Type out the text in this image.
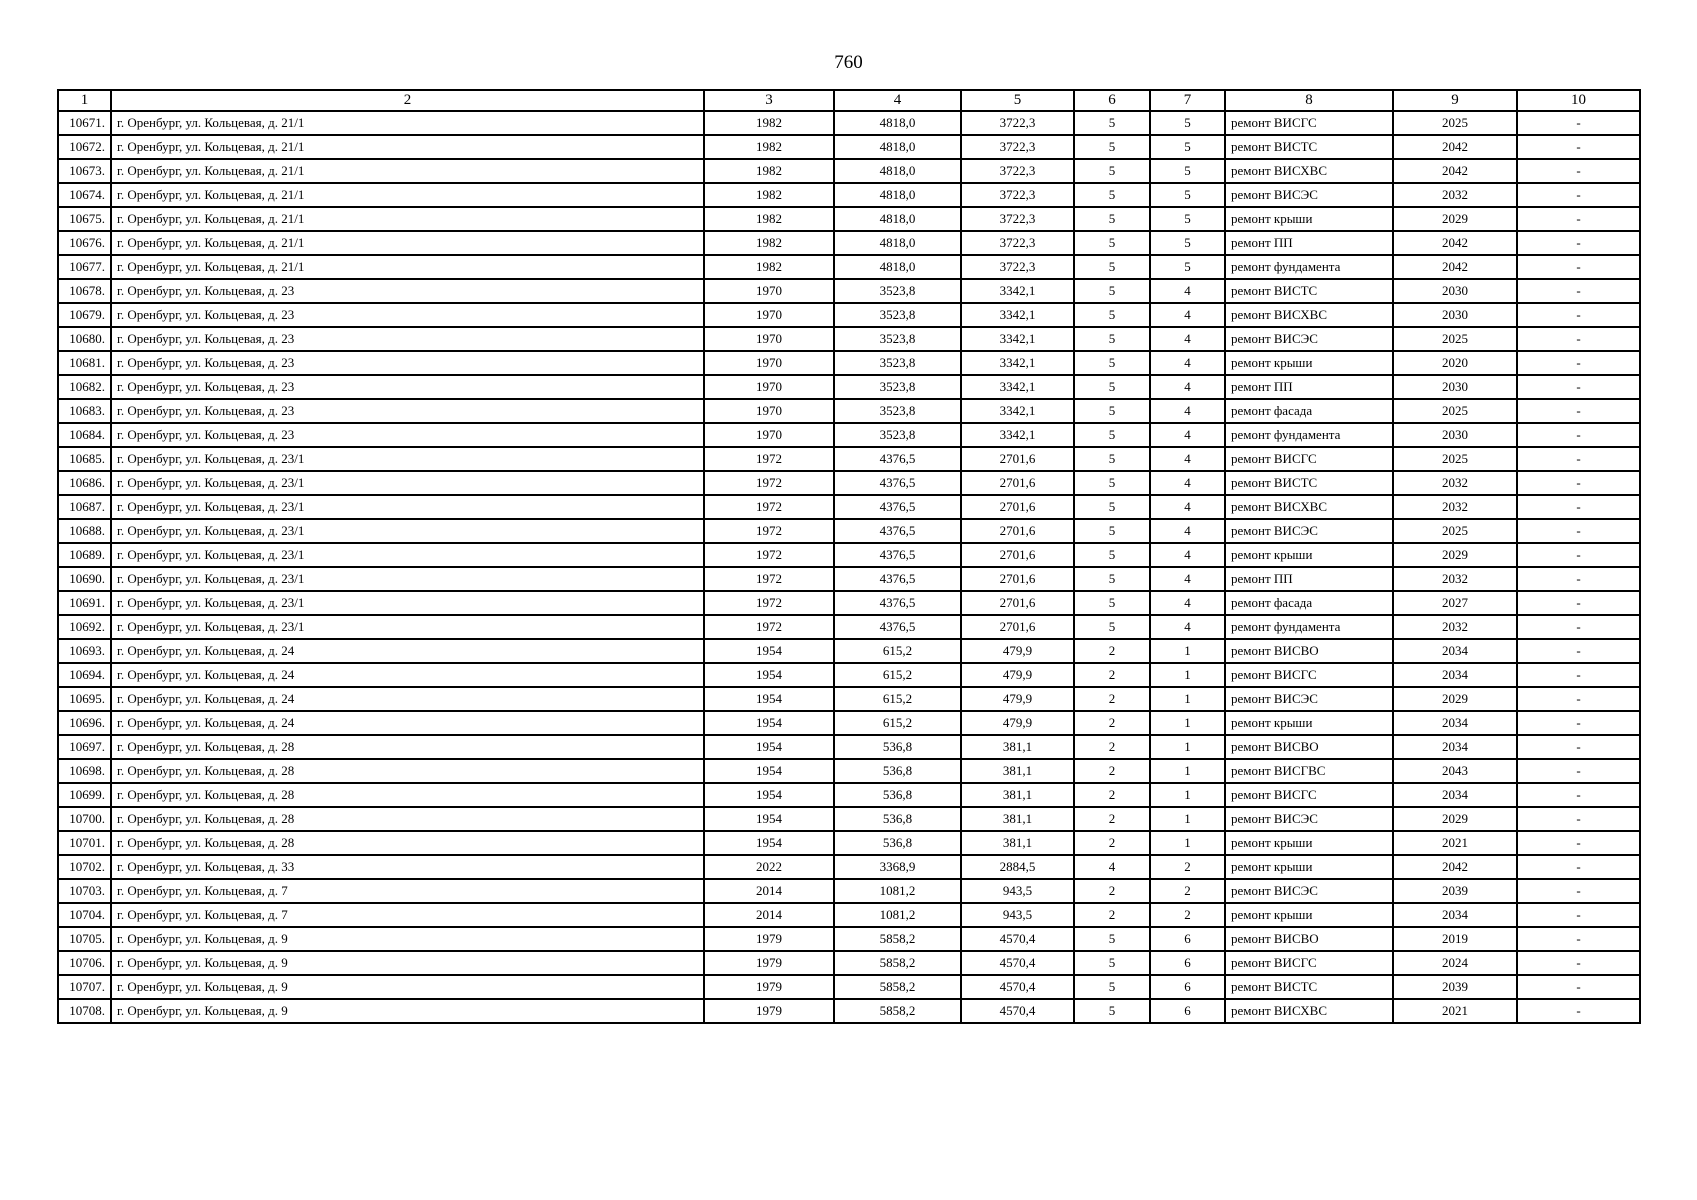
760
1	2	3	4	5	6	7	8	9	10
10671.	г. Оренбург, ул. Кольцевая, д. 21/1	1982	4818,0	3722,3	5	5	ремонт ВИСГС	2025	-
10672.	г. Оренбург, ул. Кольцевая, д. 21/1	1982	4818,0	3722,3	5	5	ремонт ВИСТС	2042	-
10673.	г. Оренбург, ул. Кольцевая, д. 21/1	1982	4818,0	3722,3	5	5	ремонт ВИСХВС	2042	-
10674.	г. Оренбург, ул. Кольцевая, д. 21/1	1982	4818,0	3722,3	5	5	ремонт ВИСЭС	2032	-
10675.	г. Оренбург, ул. Кольцевая, д. 21/1	1982	4818,0	3722,3	5	5	ремонт крыши	2029	-
10676.	г. Оренбург, ул. Кольцевая, д. 21/1	1982	4818,0	3722,3	5	5	ремонт ПП	2042	-
10677.	г. Оренбург, ул. Кольцевая, д. 21/1	1982	4818,0	3722,3	5	5	ремонт фундамента	2042	-
10678.	г. Оренбург, ул. Кольцевая, д. 23	1970	3523,8	3342,1	5	4	ремонт ВИСТС	2030	-
10679.	г. Оренбург, ул. Кольцевая, д. 23	1970	3523,8	3342,1	5	4	ремонт ВИСХВС	2030	-
10680.	г. Оренбург, ул. Кольцевая, д. 23	1970	3523,8	3342,1	5	4	ремонт ВИСЭС	2025	-
10681.	г. Оренбург, ул. Кольцевая, д. 23	1970	3523,8	3342,1	5	4	ремонт крыши	2020	-
10682.	г. Оренбург, ул. Кольцевая, д. 23	1970	3523,8	3342,1	5	4	ремонт ПП	2030	-
10683.	г. Оренбург, ул. Кольцевая, д. 23	1970	3523,8	3342,1	5	4	ремонт фасада	2025	-
10684.	г. Оренбург, ул. Кольцевая, д. 23	1970	3523,8	3342,1	5	4	ремонт фундамента	2030	-
10685.	г. Оренбург, ул. Кольцевая, д. 23/1	1972	4376,5	2701,6	5	4	ремонт ВИСГС	2025	-
10686.	г. Оренбург, ул. Кольцевая, д. 23/1	1972	4376,5	2701,6	5	4	ремонт ВИСТС	2032	-
10687.	г. Оренбург, ул. Кольцевая, д. 23/1	1972	4376,5	2701,6	5	4	ремонт ВИСХВС	2032	-
10688.	г. Оренбург, ул. Кольцевая, д. 23/1	1972	4376,5	2701,6	5	4	ремонт ВИСЭС	2025	-
10689.	г. Оренбург, ул. Кольцевая, д. 23/1	1972	4376,5	2701,6	5	4	ремонт крыши	2029	-
10690.	г. Оренбург, ул. Кольцевая, д. 23/1	1972	4376,5	2701,6	5	4	ремонт ПП	2032	-
10691.	г. Оренбург, ул. Кольцевая, д. 23/1	1972	4376,5	2701,6	5	4	ремонт фасада	2027	-
10692.	г. Оренбург, ул. Кольцевая, д. 23/1	1972	4376,5	2701,6	5	4	ремонт фундамента	2032	-
10693.	г. Оренбург, ул. Кольцевая, д. 24	1954	615,2	479,9	2	1	ремонт ВИСВО	2034	-
10694.	г. Оренбург, ул. Кольцевая, д. 24	1954	615,2	479,9	2	1	ремонт ВИСГС	2034	-
10695.	г. Оренбург, ул. Кольцевая, д. 24	1954	615,2	479,9	2	1	ремонт ВИСЭС	2029	-
10696.	г. Оренбург, ул. Кольцевая, д. 24	1954	615,2	479,9	2	1	ремонт крыши	2034	-
10697.	г. Оренбург, ул. Кольцевая, д. 28	1954	536,8	381,1	2	1	ремонт ВИСВО	2034	-
10698.	г. Оренбург, ул. Кольцевая, д. 28	1954	536,8	381,1	2	1	ремонт ВИСГВС	2043	-
10699.	г. Оренбург, ул. Кольцевая, д. 28	1954	536,8	381,1	2	1	ремонт ВИСГС	2034	-
10700.	г. Оренбург, ул. Кольцевая, д. 28	1954	536,8	381,1	2	1	ремонт ВИСЭС	2029	-
10701.	г. Оренбург, ул. Кольцевая, д. 28	1954	536,8	381,1	2	1	ремонт крыши	2021	-
10702.	г. Оренбург, ул. Кольцевая, д. 33	2022	3368,9	2884,5	4	2	ремонт крыши	2042	-
10703.	г. Оренбург, ул. Кольцевая, д. 7	2014	1081,2	943,5	2	2	ремонт ВИСЭС	2039	-
10704.	г. Оренбург, ул. Кольцевая, д. 7	2014	1081,2	943,5	2	2	ремонт крыши	2034	-
10705.	г. Оренбург, ул. Кольцевая, д. 9	1979	5858,2	4570,4	5	6	ремонт ВИСВО	2019	-
10706.	г. Оренбург, ул. Кольцевая, д. 9	1979	5858,2	4570,4	5	6	ремонт ВИСГС	2024	-
10707.	г. Оренбург, ул. Кольцевая, д. 9	1979	5858,2	4570,4	5	6	ремонт ВИСТС	2039	-
10708.	г. Оренбург, ул. Кольцевая, д. 9	1979	5858,2	4570,4	5	6	ремонт ВИСХВС	2021	-
